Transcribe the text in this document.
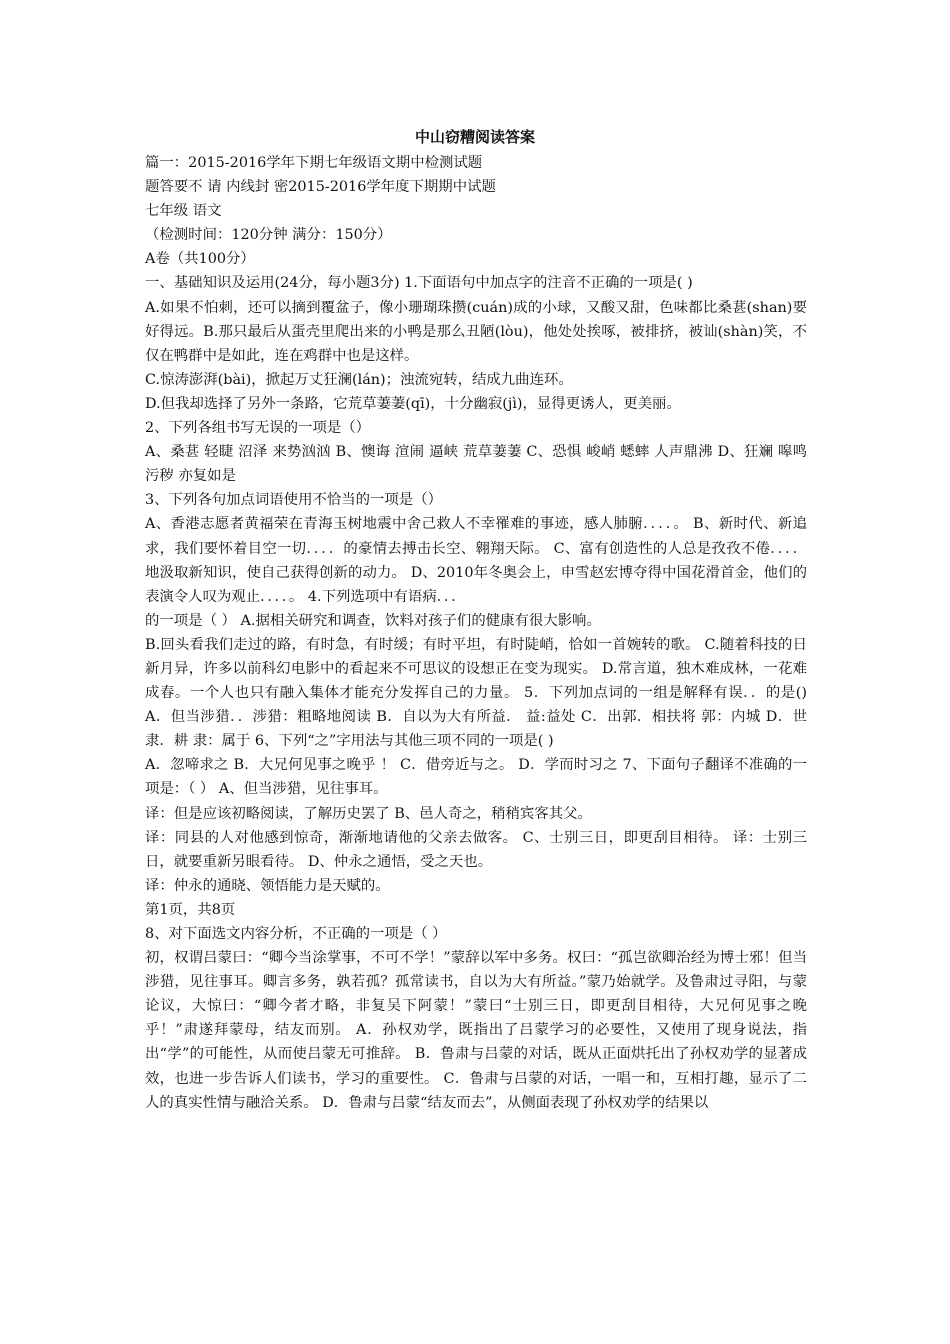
中山窃糟阅读答案

篇一：2015-2016学年下期七年级语文期中检测试题

题答要不 请 内线封 密2015-2016学年度下期期中试题

七年级 语文

（检测时间：120分钟 满分：150分）

A卷（共100分）

一、基础知识及运用(24分，每小题3分) 1.下面语句中加点字的注音不正确的一项是( )

A.如果不怕刺，还可以摘到覆盆子，像小珊瑚珠攒(cuán)成的小球，又酸又甜，色味都比桑葚(shan)要好得远。B.那只最后从蛋壳里爬出来的小鸭是那么丑陋(lòu)，他处处挨啄，被排挤，被讪(shàn)笑，不仅在鸭群中是如此，连在鸡群中也是这样。

C.惊涛澎湃(bài)，掀起万丈狂澜(lán)；浊流宛转，结成九曲连环。

D.但我却选择了另外一条路，它荒草萋萋(qī)，十分幽寂(jì)，显得更诱人，更美丽。

2、下列各组书写无误的一项是（）

A、桑葚 轻睫 沼泽 来势汹汹 B、懊诲 渲闹 逼峡 荒草萋萋 C、恐惧 峻峭 蟋蟀 人声鼎沸 D、狂斓 嗥鸣 污秽 亦复如是

3、下列各句加点词语使用不恰当的一项是（）

A、香港志愿者黄福荣在青海玉树地震中舍己救人不幸罹难的事迹，感人肺腑．．．．。 B、新时代、新追求，我们要怀着目空一切．．．．的豪情去搏击长空、翱翔天际。 C、富有创造性的人总是孜孜不倦．．．．地汲取新知识，使自己获得创新的动力。 D、2010年冬奥会上，申雪赵宏博夺得中国花滑首金，他们的表演令人叹为观止．．．．。 4.下列选项中有语病．．．

的一项是（ ） A.据相关研究和调查，饮料对孩子们的健康有很大影响。

B.回头看我们走过的路，有时急，有时缓；有时平坦，有时陡峭，恰如一首婉转的歌。 C.随着科技的日新月异，许多以前科幻电影中的看起来不可思议的设想正在变为现实。 D.常言道，独木难成林，一花难成春。一个人也只有融入集体才能充分发挥自己的力量。 5．下列加点词的一组是解释有误．．的是() A．但当涉猎．．涉猎：粗略地阅读 B．自以为大有所益． 益:益处 C．出郭．相扶将 郭：内城 D．世隶．耕 隶：属于 6、下列“之”字用法与其他三项不同的一项是( )

A．忽啼求之 B．大兄何见事之晚乎 ！ C．借旁近与之。 D．学而时习之 7、下面句子翻译不准确的一项是：（ ） A、但当涉猎，见往事耳。

译：但是应该初略阅读，了解历史罢了 B、邑人奇之，稍稍宾客其父。

译：同县的人对他感到惊奇，渐渐地请他的父亲去做客。 C、士别三日，即更刮目相待。 译：士别三日，就要重新另眼看待。 D、仲永之通悟，受之天也。

译：仲永的通晓、领悟能力是天赋的。

第1页，共8页

8、对下面选文内容分析，不正确的一项是（ ）

初，权谓吕蒙曰：“卿今当涂掌事，不可不学！”蒙辞以军中多务。权曰：“孤岂欲卿治经为博士邪！但当涉猎，见往事耳。卿言多务，孰若孤？孤常读书，自以为大有所益。”蒙乃始就学。及鲁肃过寻阳，与蒙论议，大惊曰：“卿今者才略，非复吴下阿蒙！”蒙曰“士别三日，即更刮目相待，大兄何见事之晚乎！”肃遂拜蒙母，结友而别。 A．孙权劝学，既指出了吕蒙学习的必要性，又使用了现身说法，指出“学”的可能性，从而使吕蒙无可推辞。 B．鲁肃与吕蒙的对话，既从正面烘托出了孙权劝学的显著成效，也进一步告诉人们读书，学习的重要性。 C．鲁肃与吕蒙的对话，一唱一和，互相打趣，显示了二人的真实性情与融洽关系。 D．鲁肃与吕蒙“结友而去”，从侧面表现了孙权劝学的结果以
